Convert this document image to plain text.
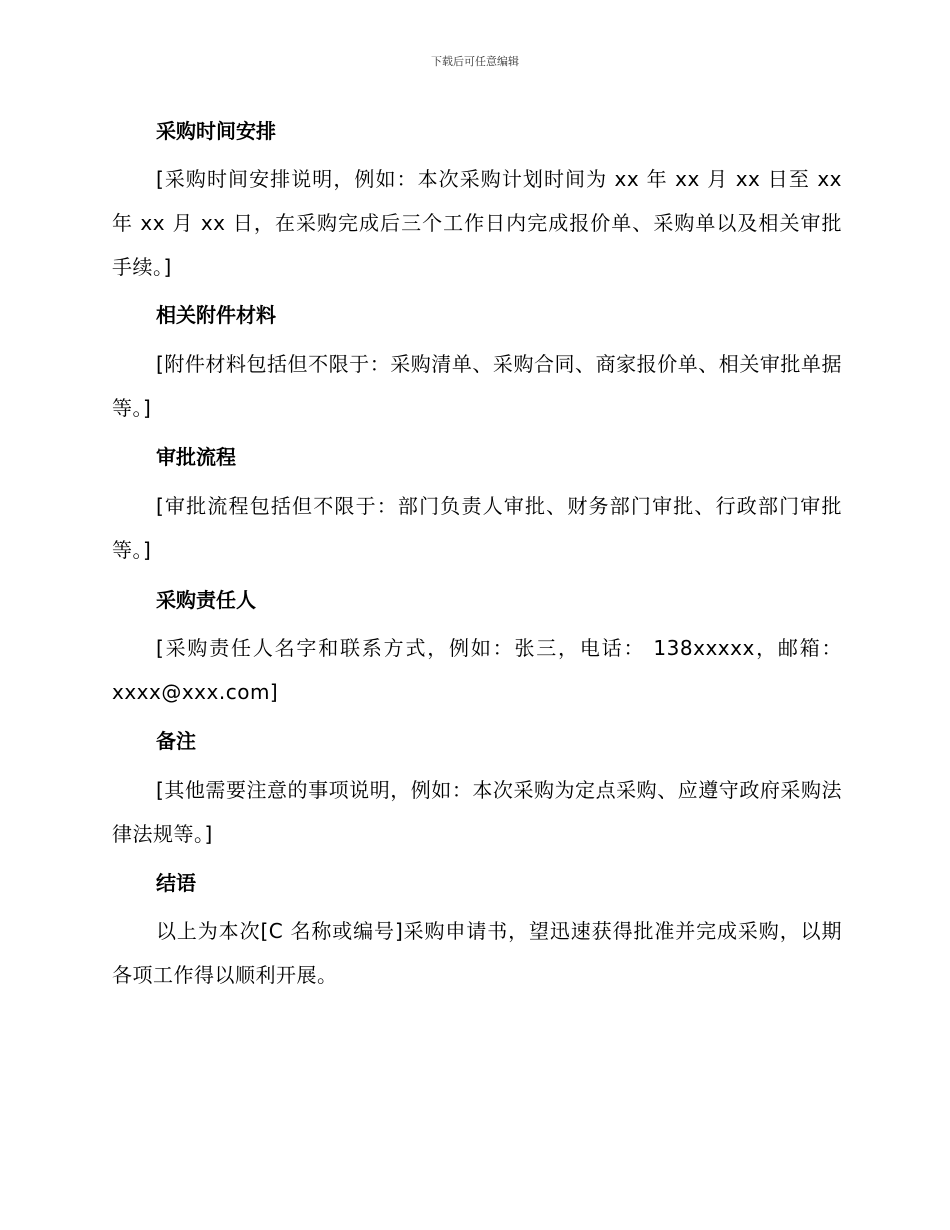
下载后可任意编辑
采购时间安排
[采购时间安排说明，例如：本次采购计划时间为 xx 年 xx 月 xx 日至 xx 年 xx 月 xx 日，在采购完成后三个工作日内完成报价单、采购单以及相关审批手续。]
相关附件材料
[附件材料包括但不限于：采购清单、采购合同、商家报价单、相关审批单据等。]
审批流程
[审批流程包括但不限于：部门负责人审批、财务部门审批、行政部门审批等。]
采购责任人
[采购责任人名字和联系方式，例如：张三，电话： 138xxxxx，邮箱：xxxx@xxx.com]
备注
[其他需要注意的事项说明，例如：本次采购为定点采购、应遵守政府采购法律法规等。]
结语
以上为本次[C 名称或编号]采购申请书，望迅速获得批准并完成采购，以期各项工作得以顺利开展。
